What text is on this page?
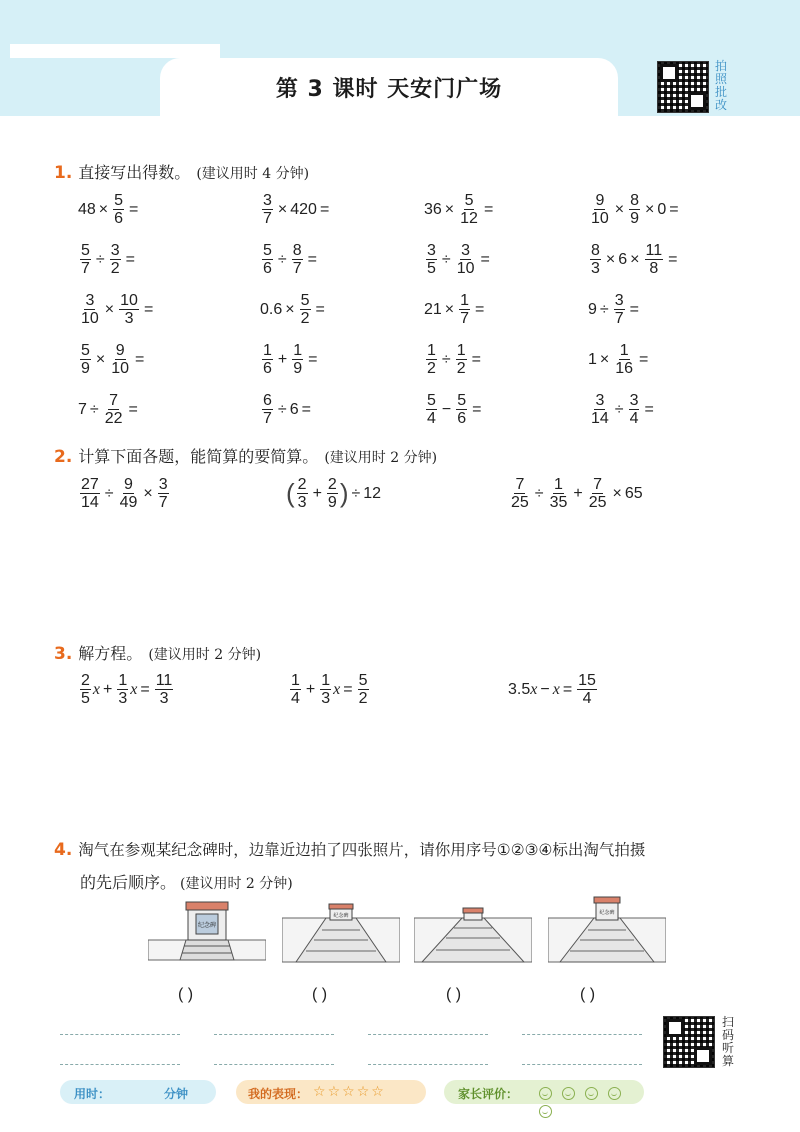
第 3 课时 天安门广场
拍
照
批
改
1. 直接写出得数。 (建议用时 4 分钟)
$48 \times \frac{5}{6}$ =	$\frac{3}{7} \times 420$ =	$36 \times \frac{5}{12}$ =	$\frac{9}{10} \times \frac{8}{9} \times 0$ =
$\frac{5}{7} \div \frac{3}{2}$ =	$\frac{5}{6} \div \frac{8}{7}$ =	$\frac{3}{5} \div \frac{3}{10}$ =	$\frac{8}{3} \times 6 \times \frac{11}{8}$ =
$\frac{3}{10} \times \frac{10}{3}$ =	$0.6 \times \frac{5}{2}$ =	$21 \times \frac{1}{7}$ =	$9 \div \frac{3}{7}$ =
$\frac{5}{9} \times \frac{9}{10}$ =	$\frac{1}{6} + \frac{1}{9}$ =	$\frac{1}{2} \div \frac{1}{2}$ =	$1 \times \frac{1}{16}$ =
$7 \div \frac{7}{22}$ =	$\frac{6}{7} \div 6$ =	$\frac{5}{4} - \frac{5}{6}$ =	$\frac{3}{14} \div \frac{3}{4}$ =
2. 计算下面各题，能简算的要简算。 (建议用时 2 分钟)
$\frac{27}{14} \div \frac{9}{49} \times \frac{3}{7}$	( $\frac{2}{3} + \frac{2}{9}$ ) ÷ 12	$\frac{7}{25} \div \frac{1}{35} + \frac{7}{25} \times 65$
3. 解方程。 (建议用时 2 分钟)
$\frac{2}{5}$ $x + \frac{1}{3}$ $x = \frac{11}{3}$	$\frac{1}{4} + \frac{1}{3}$ $x = \frac{5}{2}$	3.5 $x - x = \frac{15}{4}$
4. 淘气在参观某纪念碑时，边靠近边拍了四张照片，请你用序号①②③④标出淘气拍摄
的先后顺序。 (建议用时 2 分钟)
纪念碑
纪念碑	纪念碑
( )	( )	( )	( )
扫
码
听
算
用时：	分钟	我的表现： ☆ ☆ ☆ ☆ ☆	家长评价：
